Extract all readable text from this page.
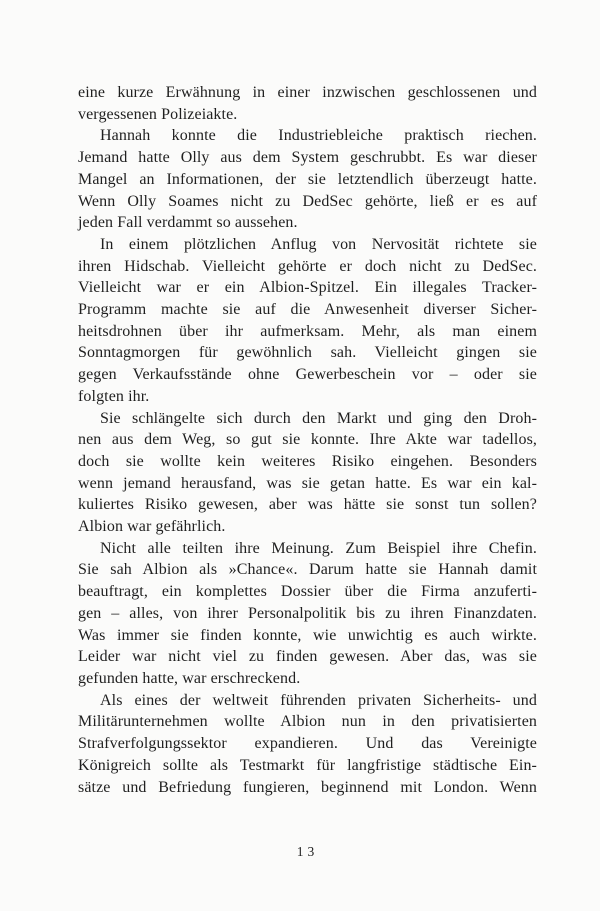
eine kurze Erwähnung in einer inzwischen geschlossenen und
vergessenen Polizeiakte.
Hannah konnte die Industriebleiche praktisch riechen.
Jemand hatte Olly aus dem System geschrubbt. Es war dieser
Mangel an Informationen, der sie letztendlich überzeugt hatte.
Wenn Olly Soames nicht zu DedSec gehörte, ließ er es auf
jeden Fall verdammt so aussehen.
In einem plötzlichen Anflug von Nervosität richtete sie
ihren Hidschab. Vielleicht gehörte er doch nicht zu DedSec.
Vielleicht war er ein Albion-Spitzel. Ein illegales Tracker-
Programm machte sie auf die Anwesenheit diverser Sicher-
heitsdrohnen über ihr aufmerksam. Mehr, als man einem
Sonntagmorgen für gewöhnlich sah. Vielleicht gingen sie
gegen Verkaufsstände ohne Gewerbeschein vor – oder sie
folgten ihr.
Sie schlängelte sich durch den Markt und ging den Droh-
nen aus dem Weg, so gut sie konnte. Ihre Akte war tadellos,
doch sie wollte kein weiteres Risiko eingehen. Besonders
wenn jemand herausfand, was sie getan hatte. Es war ein kal-
kuliertes Risiko gewesen, aber was hätte sie sonst tun sollen?
Albion war gefährlich.
Nicht alle teilten ihre Meinung. Zum Beispiel ihre Chefin.
Sie sah Albion als »Chance«. Darum hatte sie Hannah damit
beauftragt, ein komplettes Dossier über die Firma anzuferti-
gen – alles, von ihrer Personalpolitik bis zu ihren Finanzdaten.
Was immer sie finden konnte, wie unwichtig es auch wirkte.
Leider war nicht viel zu finden gewesen. Aber das, was sie
gefunden hatte, war erschreckend.
Als eines der weltweit führenden privaten Sicherheits- und
Militärunternehmen wollte Albion nun in den privatisierten
Strafverfolgungssektor expandieren. Und das Vereinigte
Königreich sollte als Testmarkt für langfristige städtische Ein-
sätze und Befriedung fungieren, beginnend mit London. Wenn
13
